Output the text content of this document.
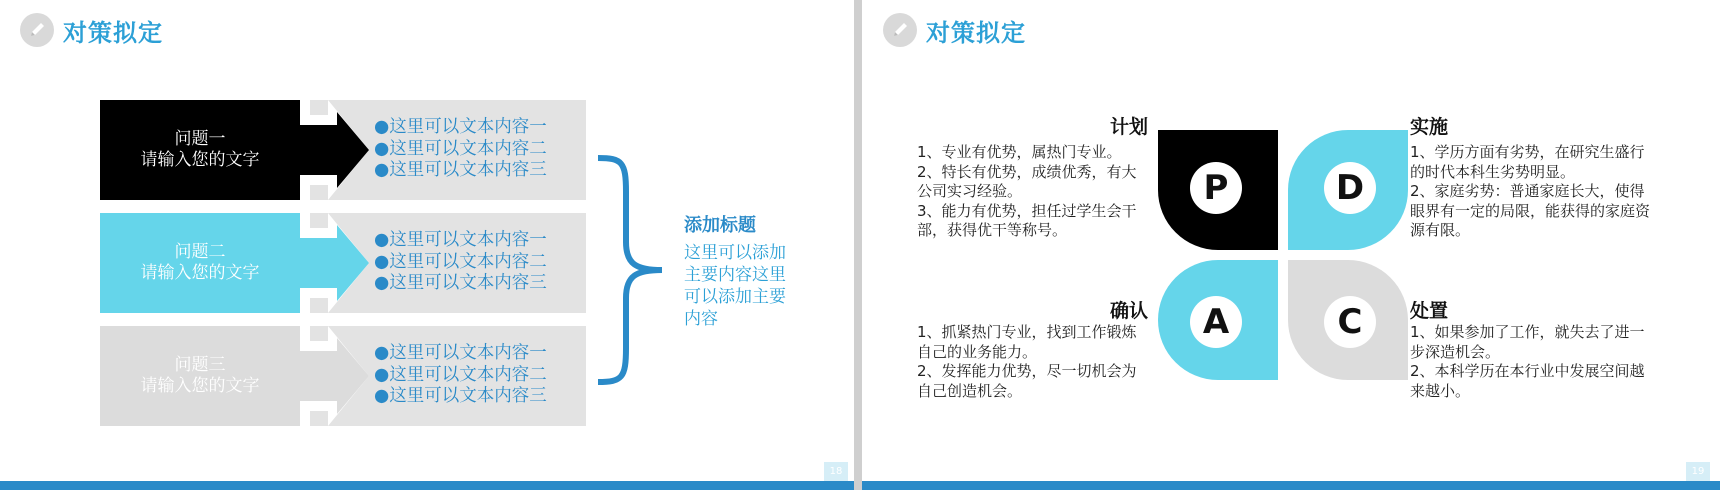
对策拟定
问题一
请输入您的文字
●这里可以文本内容一
●这里可以文本内容二
●这里可以文本内容三
问题二
请输入您的文字
●这里可以文本内容一
●这里可以文本内容二
●这里可以文本内容三
问题三
请输入您的文字
●这里可以文本内容一
●这里可以文本内容二
●这里可以文本内容三
添加标题
这里可以添加主要内容这里可以添加主要内容
18
对策拟定
P	D
A	C
计划

1、专业有优势，属热门专业。

2、特长有优势，成绩优秀，有大公司实习经验。

3、能力有优势，担任过学生会干部，获得优干等称号。

实施

1、学历方面有劣势，在研究生盛行的时代本科生劣势明显。

2、家庭劣势：普通家庭长大，使得眼界有一定的局限，能获得的家庭资源有限。

确认

1、抓紧热门专业，找到工作锻炼自己的业务能力。

2、发挥能力优势，尽一切机会为自己创造机会。

处置

1、如果参加了工作，就失去了进一步深造机会。

2、本科学历在本行业中发展空间越来越小。

19
